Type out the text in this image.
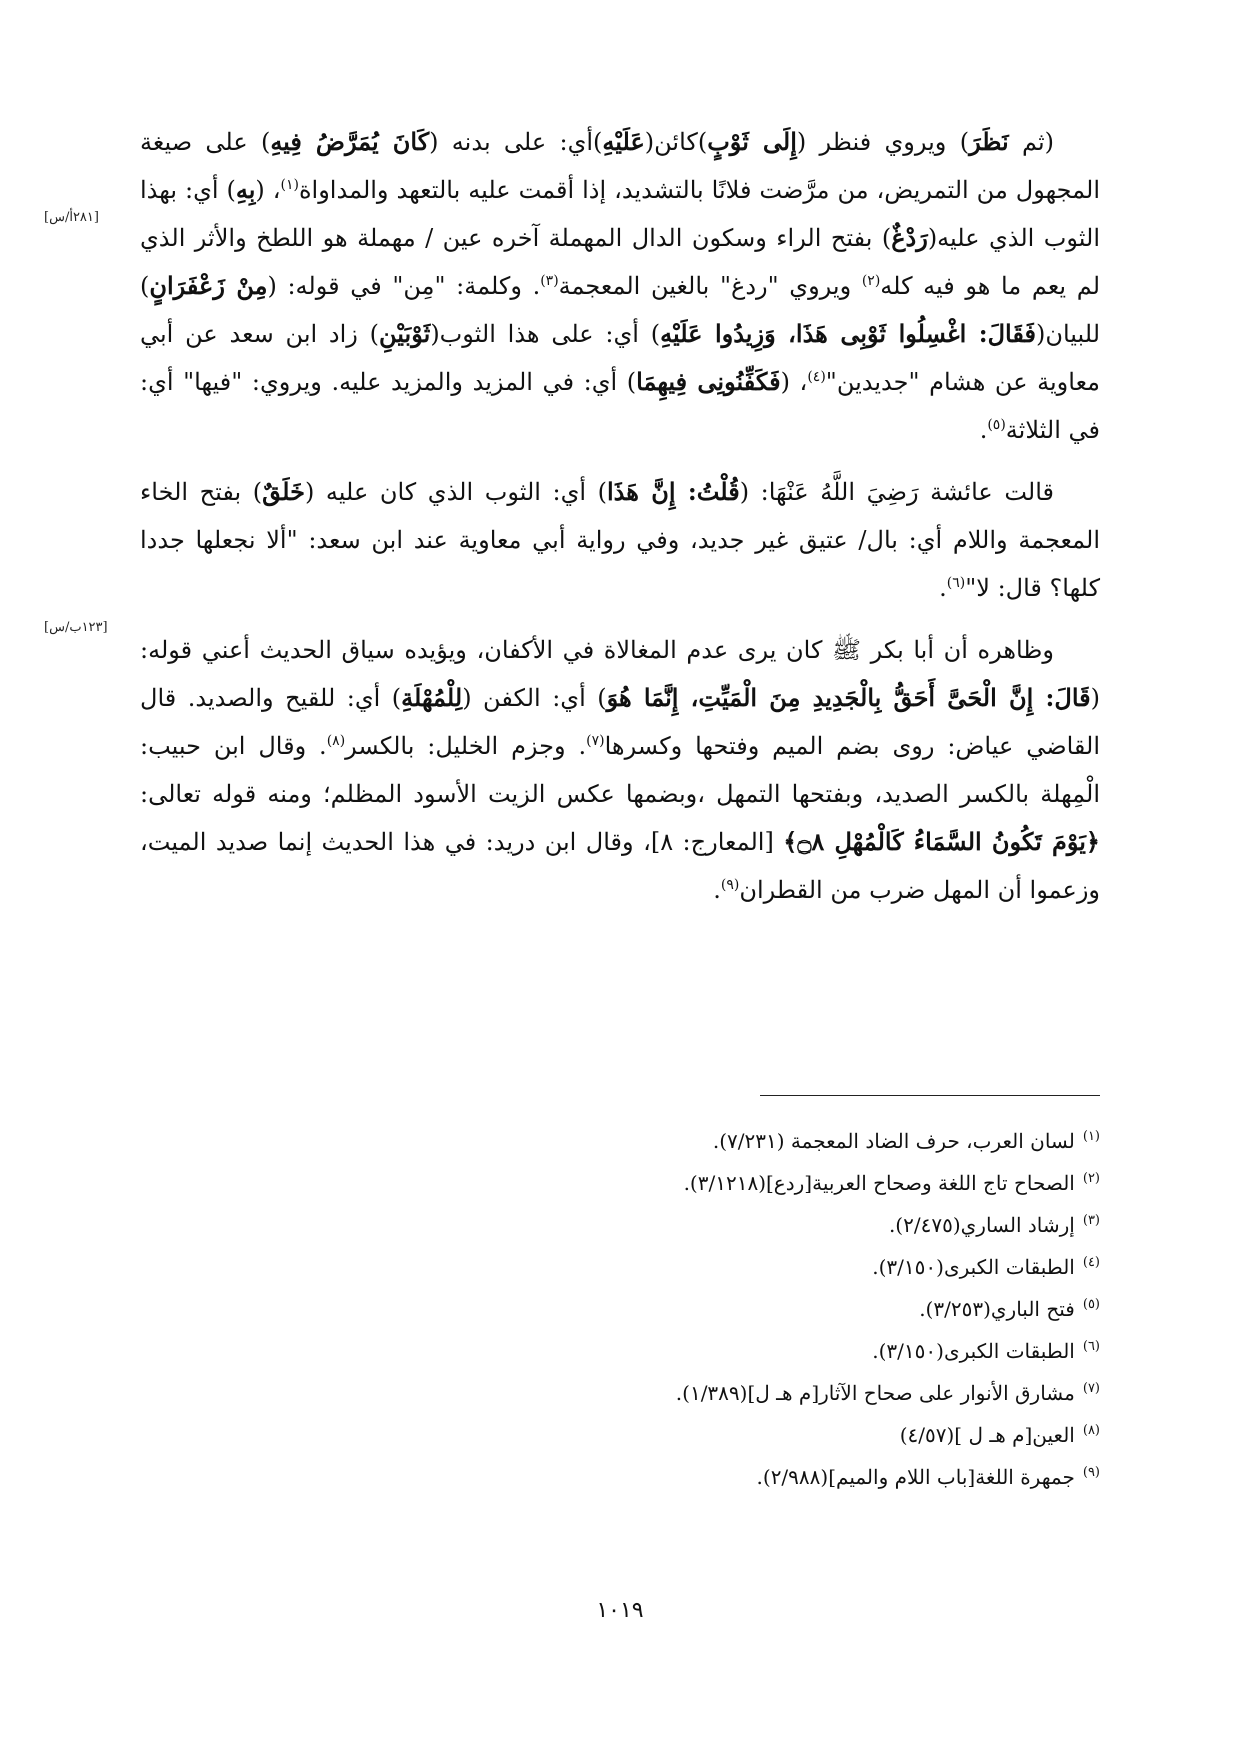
(ثم نَظَرَ) ويروي فنظر (إِلَى ثَوْبٍ)كائن(عَلَيْهِ)أي: على بدنه (كَانَ يُمَرَّضُ فِيهِ) على صيغة المجهول من التمريض، من مرَّضت فلانًا بالتشديد، إذا أقمت عليه بالتعهد والمداواة$^{(١)}$، (بِهِ) أي: بهذا الثوب الذي عليه(رَدْغٌ) بفتح الراء وسكون الدال المهملة آخره عين / مهملة هو اللطخ والأثر الذي لم يعم ما هو فيه كله$^{(٢)}$ ويروي "ردغ" بالغين المعجمة$^{(٣)}$. وكلمة: "مِن" في قوله: (مِنْ زَعْفَرَانٍ) للبيان(فَقَالَ: اغْسِلُوا ثَوْبِى هَذَا، وَزِيدُوا عَلَيْهِ) أي: على هذا الثوب(ثَوْبَيْنِ) زاد ابن سعد عن أبي معاوية عن هشام "جديدين"$^{(٤)}$، (فَكَفِّنُونِى فِيهِمَا) أي: في المزيد والمزيد عليه. ويروي: "فيها" أي: في الثلاثة$^{(٥)}$.

قالت عائشة رَضِيَ اللَّهُ عَنْهَا: (قُلْتُ: إِنَّ هَذَا) أي: الثوب الذي كان عليه (خَلَقٌ) بفتح الخاء المعجمة واللام أي: بال/ عتيق غير جديد، وفي رواية أبي معاوية عند ابن سعد: "ألا نجعلها جددا كلها؟ قال: لا"$^{(٦)}$.

وظاهره أن أبا بكر ﷺ كان يرى عدم المغالاة في الأكفان، ويؤيده سياق الحديث أعني قوله: (قَالَ: إِنَّ الْحَىَّ أَحَقُّ بِالْجَدِيدِ مِنَ الْمَيِّتِ، إِنَّمَا هُوَ) أي: الكفن (لِلْمُهْلَةِ) أي: للقيح والصديد. قال القاضي عياض: روى بضم الميم وفتحها وكسرها$^{(٧)}$. وجزم الخليل: بالكسر$^{(٨)}$. وقال ابن حبيب: الْمِهلة بالكسر الصديد، وبفتحها التمهل ،وبضمها عكس الزيت الأسود المظلم؛ ومنه قوله تعالى: ﴿يَوْمَ تَكُونُ السَّمَاءُ كَالْمُهْلِ ۝٨﴾ [المعارج: ٨]، وقال ابن دريد: في هذا الحديث إنما صديد الميت، وزعموا أن المهل ضرب من القطران$^{(٩)}$.

[٢٨١أ/س]
[١٢٣ب/س]
$^{(١)}$لسان العرب، حرف الضاد المعجمة (٧/٢٣١).
$^{(٢)}$الصحاح تاج اللغة وصحاح العربية[ردع](٣/١٢١٨).
$^{(٣)}$إرشاد الساري(٢/٤٧٥).
$^{(٤)}$الطبقات الكبرى(٣/١٥٠).
$^{(٥)}$فتح الباري(٣/٢٥٣).
$^{(٦)}$الطبقات الكبرى(٣/١٥٠).
$^{(٧)}$مشارق الأنوار على صحاح الآثار[م هـ ل](١/٣٨٩).
$^{(٨)}$العين[م هـ ل ](٤/٥٧)
$^{(٩)}$جمهرة اللغة[باب اللام والميم](٢/٩٨٨).
١٠١٩
